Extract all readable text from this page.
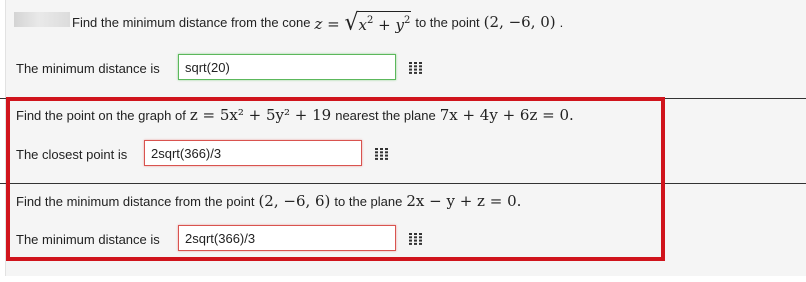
Find the minimum distance from the cone z = √ $x^2 + y^2$ to the point (2, −6, 0) .
The minimum distance is	sqrt(20)
Find the point on the graph of z = 5x² + 5y² + 19 nearest the plane 7x + 4y + 6z = 0.
The closest point is	2sqrt(366)/3
Find the minimum distance from the point (2, −6, 6) to the plane 2x − y + z = 0.
The minimum distance is	2sqrt(366)/3
